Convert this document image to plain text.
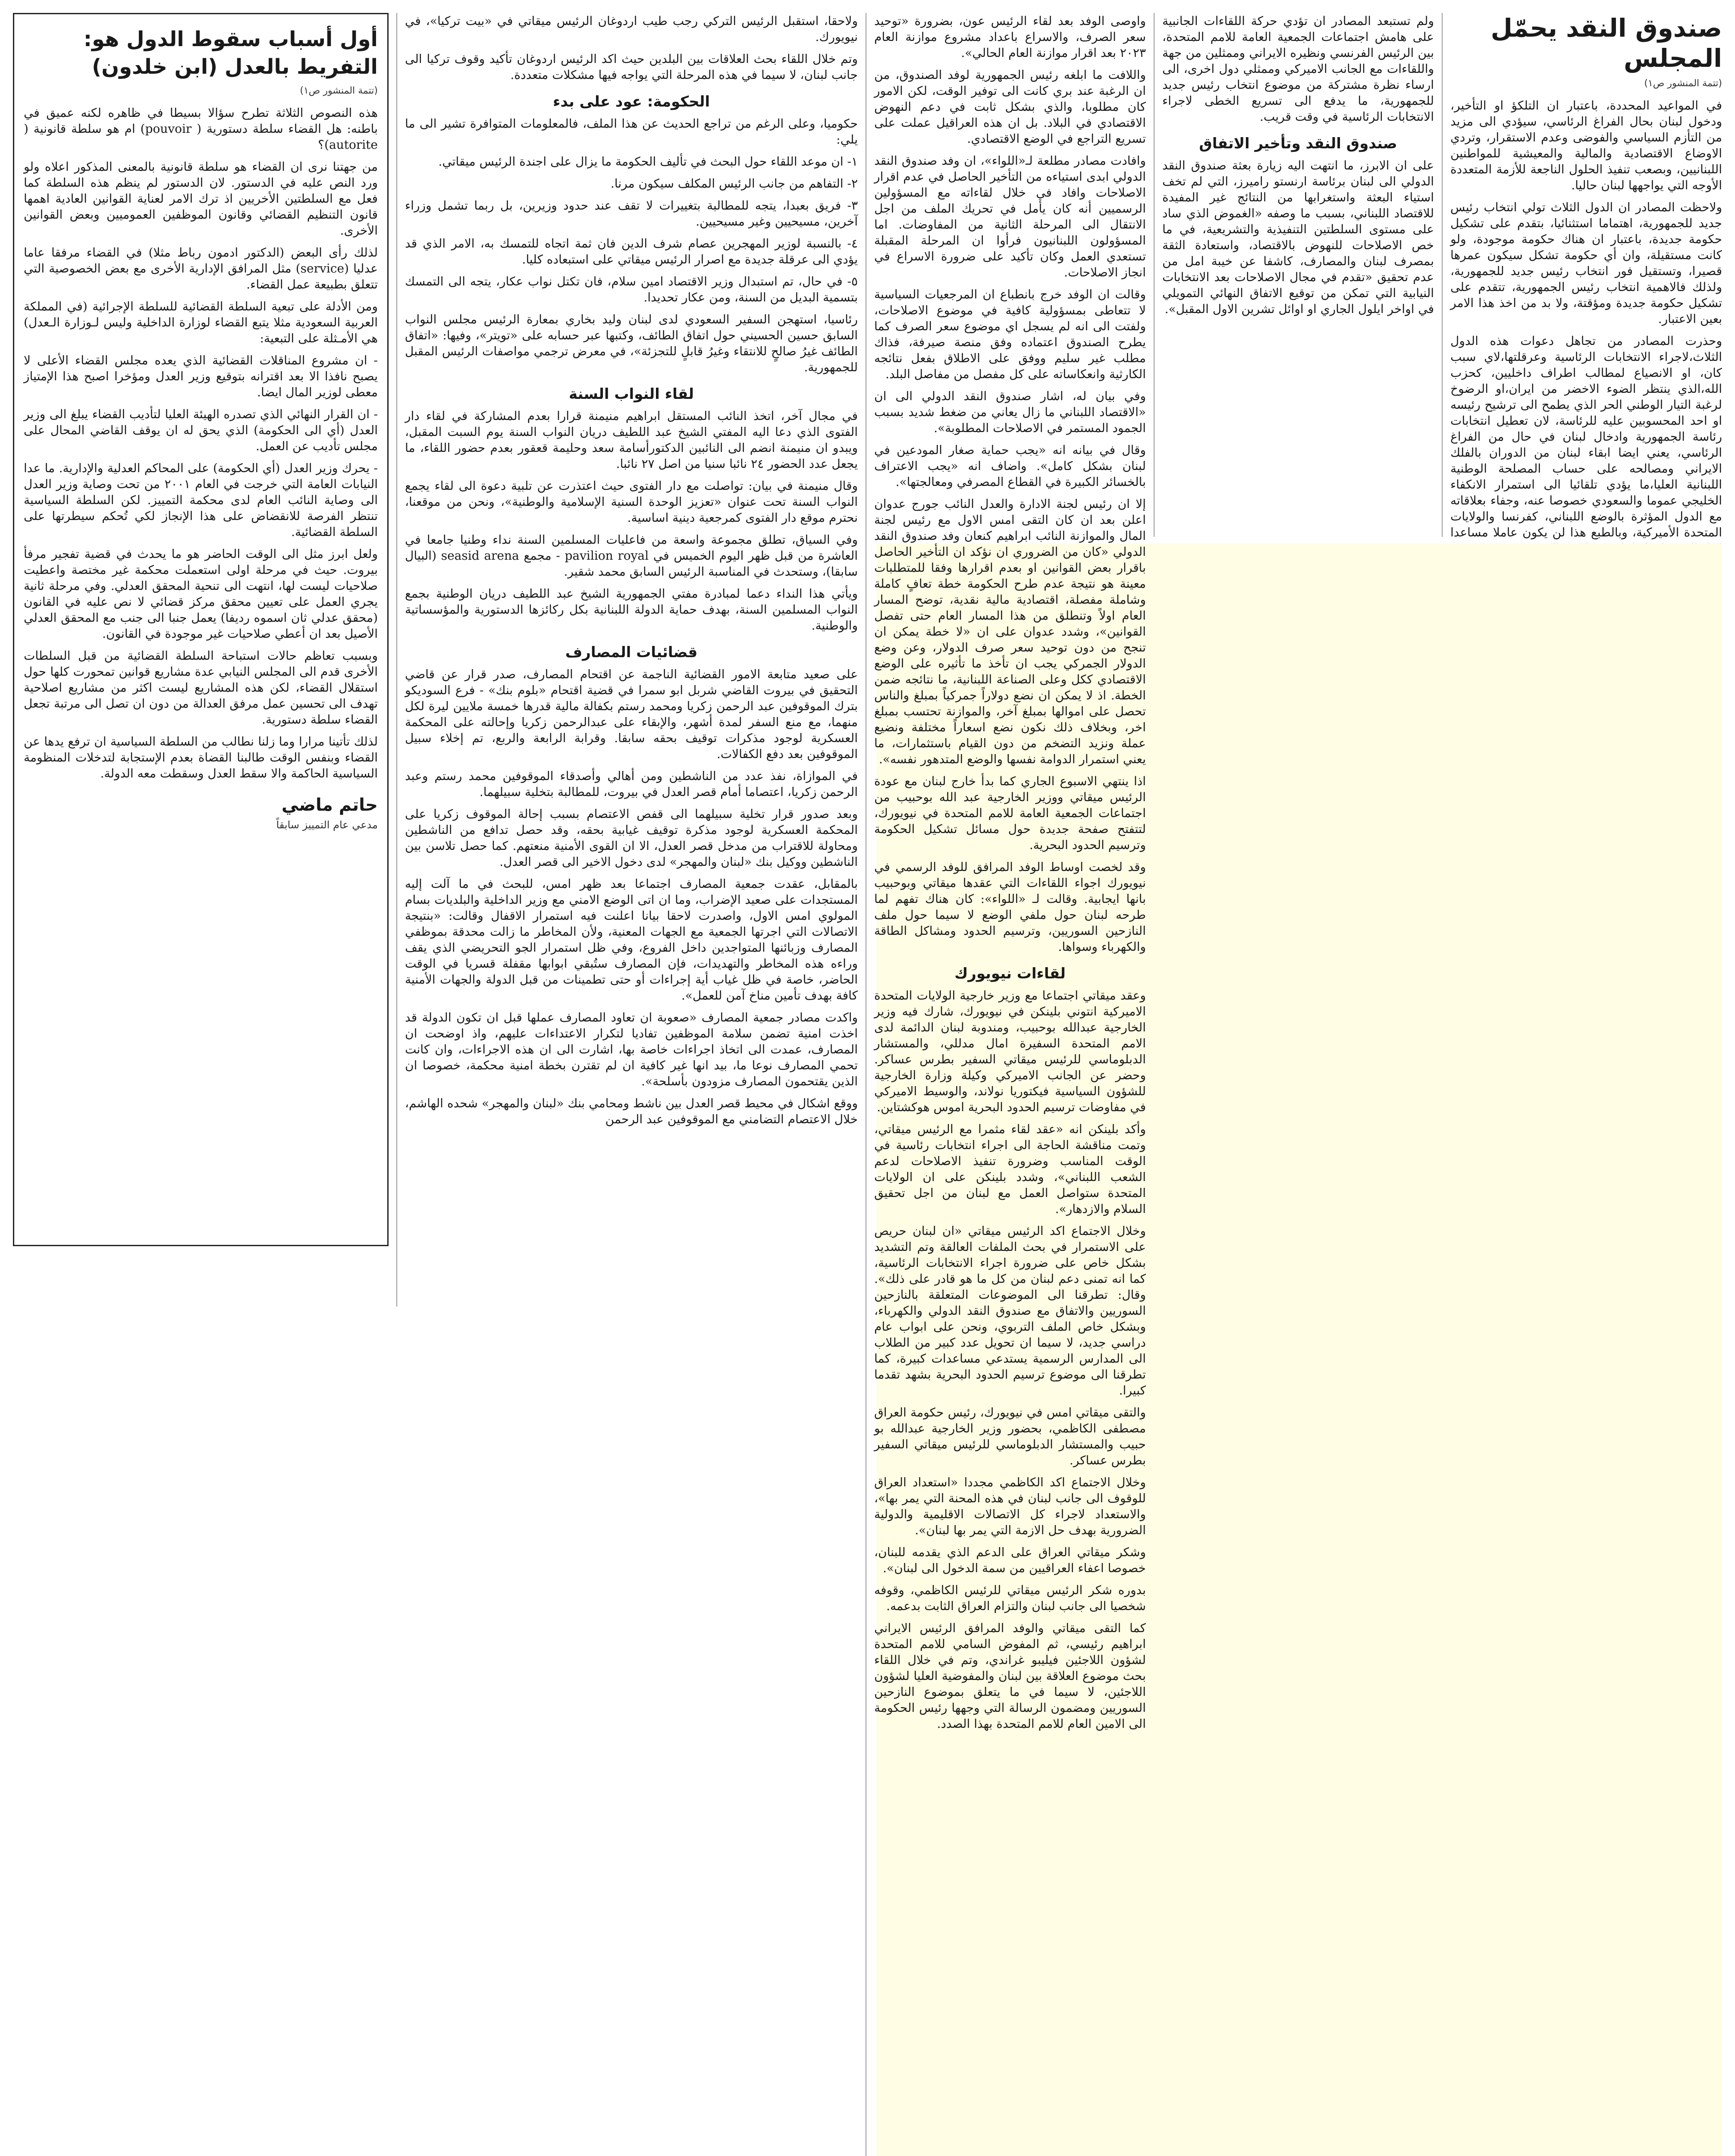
صندوق النقد يحمّل المجلس
(تتمة المنشور ص١)

في المواعيد المحددة، باعتبار ان التلكؤ او التأخير، ودخول لبنان بحال الفراغ الرئاسي، سيؤدي الى مزيد من التأزم السياسي والفوضى وعدم الاستقرار، وتردي الاوضاع الاقتصادية والمالية والمعيشية للمواطنين اللبنانيين، وبصعب تنفيذ الحلول الناجعة للأزمة المتعددة الأوجه التي يواجهها لبنان حاليا.

ولاحظت المصادر ان الدول الثلاث تولي انتخاب رئيس جديد للجمهورية، اهتماما استثنائيا، بتقدم على تشكيل حكومة جديدة، باعتبار ان هناك حكومة موجودة، ولو كانت مستقيلة، وان أي حكومة تشكل سيكون عمرها قصيرا، وتستقيل فور انتخاب رئيس جديد للجمهورية، ولذلك فالاهمية انتخاب رئيس الجمهورية، تتقدم على تشكيل حكومة جديدة ومؤقتة، ولا بد من اخذ هذا الامر بعين الاعتبار.

وحذرت المصادر من تجاهل دعوات هذه الدول الثلاث،لاجراء الانتخابات الرئاسية وعرقلتها،لاي سبب كان، او الانصياع لمطالب اطراف داخليين، كحزب الله،الذي ينتظر الضوء الاخضر من ايران،او الرضوخ لرغبة التيار الوطني الحر الذي يطمح الى ترشيح رئيسه او احد المحسوبين عليه للرئاسة، لان تعطيل انتخابات رئاسة الجمهورية وادخال لبنان في حال من الفراغ الرئاسي، يعني ايضا ابقاء لبنان من الدوران بالفلك الايراني ومصالحه على حساب المصلحة الوطنية اللبنانية العليا،ما يؤدي تلقائيا الى استمرار الانكفاء الخليجي عموما والسعودي خصوصا عنه، وجفاء بعلاقاته مع الدول المؤثرة بالوضع اللبناني، كفرنسا والولايات المتحدة الأميركية، وبالطبع هذا لن يكون عاملا مساعدا

ولم تستبعد المصادر ان تؤدي حركة اللقاءات الجانبية على هامش اجتماعات الجمعية العامة للامم المتحدة، بين الرئيس الفرنسي ونظيره الايراني وممثلين من جهة واللقاءات مع الجانب الاميركي وممثلي دول اخرى، الى ارساء نظرة مشتركة من موضوع انتخاب رئيس جديد للجمهورية، ما يدفع الى تسريع الخطى لاجراء الانتخابات الرئاسية في وقت قريب.

صندوق النقد وتأخير الاتفاق

على ان الابرز، ما انتهت اليه زيارة بعثة صندوق النقد الدولي الى لبنان برئاسة ارنستو راميرز، التي لم تخف استياء البعثة واستغرابها من النتائج غير المفيدة للاقتصاد اللبناني، بسبب ما وصفه «الغموض الذي ساد على مستوى السلطتين التنفيذية والتشريعية، في ما خص الاصلاحات للنهوض بالاقتصاد، واستعادة الثقة بمصرف لبنان والمصارف، كاشفا عن خيبة امل من عدم تحقيق «تقدم في مجال الاصلاحات بعد الانتخابات النيابية التي تمكن من توقيع الاتفاق النهائي التمويلي في اواخر ايلول الجاري او اوائل تشرين الاول المقبل».

واوصى الوفد بعد لقاء الرئيس عون، بضرورة «توحيد سعر الصرف، والاسراع باعداد مشروع موازنة العام ٢٠٢٣ بعد اقرار موازنة العام الحالي».

واللافت ما ابلغه رئيس الجمهورية لوفد الصندوق، من ان الرغبة عند بري كانت الى توفير الوقت، لكن الامور كان مطلوبا، والذي بشكل ثابت في دعم النهوض الاقتصادي في البلاد. بل ان هذه العراقيل عملت على تسريع التراجع في الوضع الاقتصادي.

وافادت مصادر مطلعة لـ«اللواء»، ان وفد صندوق النقد الدولي ابدى استياءه من التأخير الحاصل في عدم اقرار الاصلاحات وافاد في خلال لقاءاته مع المسؤولين الرسميين أنه كان يأمل في تحريك الملف من اجل الانتقال الى المرحلة الثانية من المفاوضات. اما المسؤولون اللبنانيون فرأوا ان المرحلة المقبلة تستعدي العمل وكان تأكيد على ضرورة الاسراع في انجاز الاصلاحات.

وقالت ان الوفد خرج بانطباع ان المرجعيات السياسية لا تتعاطى بمسؤولية كافية في موضوع الاصلاحات، ولفتت الى انه لم يسجل اي موضوع سعر الصرف كما يطرح الصندوق اعتماده وفق منصة صيرفة، فذاك مطلب غير سليم ووفق على الاطلاق بفعل نتائجه الكارثية وانعكاساته على كل مفصل من مفاصل البلد.

وفي بيان له، اشار صندوق النقد الدولي الى ان «الاقتصاد اللبناني ما زال يعاني من ضغط شديد بسبب الجمود المستمر في الاصلاحات المطلوبة».

وقال في بيانه انه «يجب حماية صغار المودعين في لبنان بشكل كامل». واضاف انه «يجب الاعتراف بالخسائر الكبيرة في القطاع المصرفي ومعالجتها».

إلا ان رئيس لجنة الادارة والعدل النائب جورج عدوان اعلن بعد ان كان التقى امس الاول مع رئيس لجنة المال والموازنة النائب ابراهيم كنعان وفد صندوق النقد الدولي «كان من الضروري ان نؤكد ان التأخير الحاصل باقرار بعض القوانين او بعدم اقرارها وفقا للمتطلبات معينة هو نتيجة عدم طرح الحكومة خطة تعافٍ كاملة وشاملة مفصلة، اقتصادية مالية نقدية، توضح المسار العام اولاً وتنطلق من هذا المسار العام حتى تفصل القوانين»، وشدد عدوان على ان «لا خطة يمكن ان تنجح من دون توحيد سعر صرف الدولار، وعن وضع الدولار الجمركي يجب ان تأخذ ما تأثيره على الوضع الاقتصادي ككل وعلى الصناعة اللبنانية، ما نتائجه ضمن الخطة. اذ لا يمكن ان نضع دولاراً جمركياً بمبلغ والناس تحصل على اموالها بمبلغ آخر، والموازنة تحتسب بمبلغ اخر، وبخلاف ذلك نكون نضع اسعاراً مختلفة ونضيع عملة ونزيد التضخم من دون القيام باستثمارات، ما يعني استمرار الدوامة نفسها والوضع المتدهور نفسه».

اذا ينتهي الاسبوع الجاري كما بدأ خارج لبنان مع عودة الرئيس ميقاتي ووزير الخارجية عبد الله بوحبيب من اجتماعات الجمعية العامة للامم المتحدة في نيويورك، لتتفتح صفحة جديدة حول مسائل تشكيل الحكومة وترسيم الحدود البحرية.

وقد لخصت اوساط الوفد المرافق للوفد الرسمي في نيويورك اجواء اللقاءات التي عقدها ميقاتي وبوحبيب بانها ايجابية. وقالت لـ «اللواء»: كان هناك تفهم لما طرحه لبنان حول ملفي الوضع لا سيما حول ملف النازحين السوريين، وترسيم الحدود ومشاكل الطاقة والكهرباء وسواها.

لقاءات نيويورك

وعقد ميقاتي اجتماعا مع وزير خارجية الولايات المتحدة الاميركية انتوني بلينكن في نيويورك، شارك فيه وزير الخارجية عبدالله بوحبيب، ومندوبة لبنان الدائمة لدى الامم المتحدة السفيرة امال مدللي، والمستشار الدبلوماسي للرئيس ميقاتي السفير بطرس عساكر. وحضر عن الجانب الاميركي وكيلة وزارة الخارجية للشؤون السياسية فيكتوريا نولاند، والوسيط الاميركي في مفاوضات ترسيم الحدود البحرية اموس هوكشتاين.

وأكد بلينكن انه «عقد لقاء مثمرا مع الرئيس ميقاتي، وتمت مناقشة الحاجة الى اجراء انتخابات رئاسية في الوقت المناسب وضرورة تنفيذ الاصلاحات لدعم الشعب اللبناني»، وشدد بلينكن على ان الولايات المتحدة ستواصل العمل مع لبنان من اجل تحقيق السلام والازدهار».

وخلال الاجتماع اكد الرئيس ميقاتي «ان لبنان حريص على الاستمرار في بحث الملفات العالقة وتم التشديد بشكل خاص على ضرورة اجراء الانتخابات الرئاسية، كما انه تمنى دعم لبنان من كل ما هو قادر على ذلك». وقال: تطرقنا الى الموضوعات المتعلقة بالنازحين السوريين والاتفاق مع صندوق النقد الدولي والكهرباء، وبشكل خاص الملف التربوي، ونحن على ابواب عام دراسي جديد، لا سيما ان تحويل عدد كبير من الطلاب الى المدارس الرسمية يستدعي مساعدات كبيرة، كما تطرقنا الى موضوع ترسيم الحدود البحرية بشهد تقدما كبيرا.

والتقى ميقاتي امس في نيويورك، رئيس حكومة العراق مصطفى الكاظمي، بحضور وزير الخارجية عبدالله بو حبيب والمستشار الدبلوماسي للرئيس ميقاتي السفير بطرس عساكر.

وخلال الاجتماع اكد الكاظمي مجددا «استعداد العراق للوقوف الى جانب لبنان في هذه المحنة التي يمر بها»، والاستعداد لاجراء كل الاتصالات الاقليمية والدولية الضرورية بهدف حل الازمة التي يمر بها لبنان».

وشكر ميقاتي العراق على الدعم الذي يقدمه للبنان، خصوصا اعفاء العراقيين من سمة الدخول الى لبنان».

بدوره شكر الرئيس ميقاتي للرئيس الكاظمي، وقوفه شخصيا الى جانب لبنان والتزام العراق الثابت بدعمه.

كما التقى ميقاتي والوفد المرافق الرئيس الايراني ابراهيم رئيسي، ثم المفوض السامي للامم المتحدة لشؤون اللاجئين فيليبو غراندي، وتم في خلال اللقاء بحث موضوع العلاقة بين لبنان والمفوضية العليا لشؤون اللاجئين، لا سيما في ما يتعلق بموضوع النازحين السوريين ومضمون الرسالة التي وجهها رئيس الحكومة الى الامين العام للامم المتحدة بهذا الصدد.

ولاحقا، استقبل الرئيس التركي رجب طيب اردوغان الرئيس ميقاتي في «بيت تركيا»، في نيويورك.

وتم خلال اللقاء بحث العلاقات بين البلدين حيث اكد الرئيس اردوغان تأكيد وقوف تركيا الى جانب لبنان، لا سيما في هذه المرحلة التي يواجه فيها مشكلات متعددة.

الحكومة: عود على بدء

حكوميا، وعلى الرغم من تراجع الحديث عن هذا الملف، فالمعلومات المتوافرة تشير الى ما يلي:

١- ان موعد اللقاء حول البحث في تأليف الحكومة ما يزال على اجندة الرئيس ميقاتي.

٢- التفاهم من جانب الرئيس المكلف سيكون مرنا.

٣- فريق بعبدا، يتجه للمطالبة بتغييرات لا تقف عند حدود وزيرين، بل ربما تشمل وزراء آخرين، مسيحيين وغير مسيحيين.

٤- بالنسبة لوزير المهجرين عصام شرف الدين فان ثمة اتجاه للتمسك به، الامر الذي قد يؤدي الى عرقلة جديدة مع اصرار الرئيس ميقاتي على استبعاده كليا.

٥- في حال، تم استبدال وزير الاقتصاد امين سلام، فان تكتل نواب عكار، يتجه الى التمسك بتسمية البديل من السنة، ومن عكار تحديدا.

رئاسيا، استهجن السفير السعودي لدى لبنان وليد بخاري بمعارة الرئيس مجلس النواب السابق حسين الحسيني حول اتفاق الطائف، وكتبها عبر حسابه على «تويتر»، وفيها: «اتفاق الطائف غيرُ صالحٍ للانتقاء وغيرُ قابلٍ للتجزئة»، في معرض ترجمي مواصفات الرئيس المقبل للجمهورية.

لقاء النواب السنة

في مجال آخر، اتخذ النائب المستقل ابراهيم منيمنة قرارا بعدم المشاركة في لقاء دار الفتوى الذي دعا اليه المفتي الشيخ عبد اللطيف دريان النواب السنة يوم السبت المقبل، ويبدو ان منيمنة انضم الى النائبين الدكتورأسامة سعد وحليمة قعقور بعدم حضور اللقاء، ما يجعل عدد الحضور ٢٤ نائبا سنيا من اصل ٢٧ نائبا.

وقال منيمنة في بيان: تواصلت مع دار الفتوى حيث اعتذرت عن تلبية دعوة الى لقاء يجمع النواب السنة تحت عنوان «تعزيز الوحدة السنية الإسلامية والوطنية»، ونحن من موقعنا، نحترم موقع دار الفتوى كمرجعية دينية اساسية.

وفي السياق، تطلق مجموعة واسعة من فاعليات المسلمين السنة نداء وطنيا جامعا في العاشرة من قبل ظهر اليوم الخميس في pavilion royal - مجمع seasid arena (البيال سابقا)، وستحدث في المناسبة الرئيس السابق محمد شقير.

ويأتي هذا النداء دعما لمبادرة مفتي الجمهورية الشيخ عبد اللطيف دريان الوطنية بجمع النواب المسلمين السنة، بهدف حماية الدولة اللبنانية بكل ركائزها الدستورية والمؤسساتية والوطنية.

قضائيات المصارف

على صعيد متابعة الامور القضائية الناجمة عن اقتحام المصارف، صدر قرار عن قاضي التحقيق في بيروت القاضي شربل ابو سمرا في قضية اقتحام «بلوم بنك» - فرع السوديكو بترك الموقوفين عبد الرحمن زكريا ومحمد رستم بكفالة مالية قدرها خمسة ملايين ليرة لكل منهما، مع منع السفر لمدة أشهر، والإبقاء على عبدالرحمن زكريا وإحالته على المحكمة العسكرية لوجود مذكرات توقيف بحقه سابقا. وقرابة الرابعة والربع، تم إخلاء سبيل الموقوفين بعد دفع الكفالات.

في الموازاة، نفذ عدد من الناشطين ومن أهالي وأصدقاء الموقوفين محمد رستم وعبد الرحمن زكريا، اعتصاما أمام قصر العدل في بيروت، للمطالبة بتخلية سبيلهما.

وبعد صدور قرار تخلية سبيلهما الى قفص الاعتصام بسبب إحالة الموقوف زكريا على المحكمة العسكرية لوجود مذكرة توقيف غيابية بحقه، وقد حصل تدافع من الناشطين ومحاولة للاقتراب من مدخل قصر العدل، الا ان القوى الأمنية منعتهم. كما حصل تلاسن بين الناشطين ووكيل بنك «لبنان والمهجر» لدى دخول الاخير الى قصر العدل.

بالمقابل، عقدت جمعية المصارف اجتماعا بعد ظهر امس، للبحث في ما آلت إليه المستجدات على صعيد الإضراب، وما ان اتى الوضع الامني مع وزير الداخلية والبلديات بسام المولوي امس الاول، واصدرت لاحقا بيانا اعلنت فيه استمرار الاقفال وقالت: «بنتيجة الاتصالات التي اجرتها الجمعية مع الجهات المعنية، ولأن المخاطر ما زالت محدقة بموظفي المصارف وزبائنها المتواجدين داخل الفروع، وفي ظل استمرار الجو التحريضي الذي يقف وراءه هذه المخاطر والتهديدات، فإن المصارف ستُبقي ابوابها مقفلة قسريا في الوقت الحاضر، خاصة في ظل غياب أية إجراءات أو حتى تطمينات من قبل الدولة والجهات الأمنية كافة بهدف تأمين مناخ آمن للعمل».

واكدت مصادر جمعية المصارف «صعوبة ان تعاود المصارف عملها قبل ان تكون الدولة قد اخذت امنية تضمن سلامة الموظفين تفاديا لتكرار الاعتداءات عليهم، واذ اوضحت ان المصارف، عمدت الى اتخاذ اجراءات خاصة بها، اشارت الى ان هذه الاجراءات، وان كانت تحمي المصارف نوعا ما، بيد انها غير كافية ان لم تقترن بخطة امنية محكمة، خصوصا ان الذين يقتحمون المصارف مزودون بأسلحة».

ووقع اشكال في محيط قصر العدل بين ناشط ومحامي بنك «لبنان والمهجر» شحده الهاشم، خلال الاعتصام التضامني مع الموقوفين عبد الرحمن

أول أسباب سقوط الدول هو: التفريط بالعدل (ابن خلدون)
(تتمة المنشور ص١)

هذه النصوص الثلاثة تطرح سؤالا بسيطا في ظاهره لكنه عميق في باطنه: هل القضاء سلطة دستورية ( pouvoir) ام هو سلطة قانونية ( autorite)؟

من جهتنا نرى ان القضاء هو سلطة قانونية بالمعنى المذكور اعلاه ولو ورد النص عليه في الدستور. لان الدستور لم ينظم هذه السلطة كما فعل مع السلطتين الأخريين اذ ترك الامر لعناية القوانين العادية اهمها قانون التنظيم القضائي وقانون الموظفين العموميين وبعض القوانين الأخرى.

لذلك رأى البعض (الدكتور ادمون رباط مثلا) في القضاء مرفقا عاما عدليا (service) مثل المرافق الإدارية الأخرى مع بعض الخصوصية التي تتعلق بطبيعة عمل القضاء.

ومن الأدلة على تبعية السلطة القضائية للسلطة الإجرائية (في المملكة العربية السعودية مثلا يتبع القضاء لوزارة الداخلية وليس لـوزارة الـعدل) هي الأمـثلة على التبعية:

- ان مشروع المناقلات القضائية الذي يعده مجلس القضاء الأعلى لا يصبح نافذا الا بعد اقترانه بتوقيع وزير العدل ومؤخرا اصبح هذا الإمتياز معطى لوزير المال ايضا.

- ان القرار النهائي الذي تصدره الهيئة العليا لتأديب القضاء يبلغ الى وزير العدل (أي الى الحكومة) الذي يحق له ان يوقف القاضي المحال على مجلس تأديب عن العمل.

- يحرك وزير العدل (أي الحكومة) على المحاكم العدلية والإدارية. ما عدا النيابات العامة التي خرجت في العام ٢٠٠١ من تحت وصاية وزير العدل الى وصاية النائب العام لدى محكمة التمييز. لكن السلطة السياسية تنتظر الفرصة للانقضاض على هذا الإنجاز لكي تُحكم سيطرتها على السلطة القضائية.

ولعل ابرز مثل الى الوقت الحاضر هو ما يحدث في قضية تفجير مرفأ بيروت. حيث في مرحلة اولى استعملت محكمة غير مختصة واعطيت صلاحيات ليست لها، انتهت الى تنحية المحقق العدلي. وفي مرحلة ثانية يجري العمل على تعيين محقق مركز قضائي لا نص عليه في القانون (محقق عدلي ثان اسموه رديفا) يعمل جنبا الى جنب مع المحقق العدلي الأصيل بعد ان أعطي صلاحيات غير موجودة في القانون.

وبسبب تعاظم حالات استباحة السلطة القضائية من قبل السلطات الأخرى قدم الى المجلس النيابي عدة مشاريع قوانين تمحورت كلها حول استقلال القضاء، لكن هذه المشاريع ليست اكثر من مشاريع اصلاحية تهدف الى تحسين عمل مرفق العدالة من دون ان تصل الى مرتبة تجعل القضاء سلطة دستورية.

لذلك تأتينا مرارا وما زلنا نطالب من السلطة السياسية ان ترفع يدها عن القضاء وبنفس الوقت طالبنا القضاة بعدم الإستجابة لتدخلات المنظومة السياسية الحاكمة والا سقط العدل وسقطت معه الدولة.

حاتم ماضي
مدعي عام التمييز سابقاً
